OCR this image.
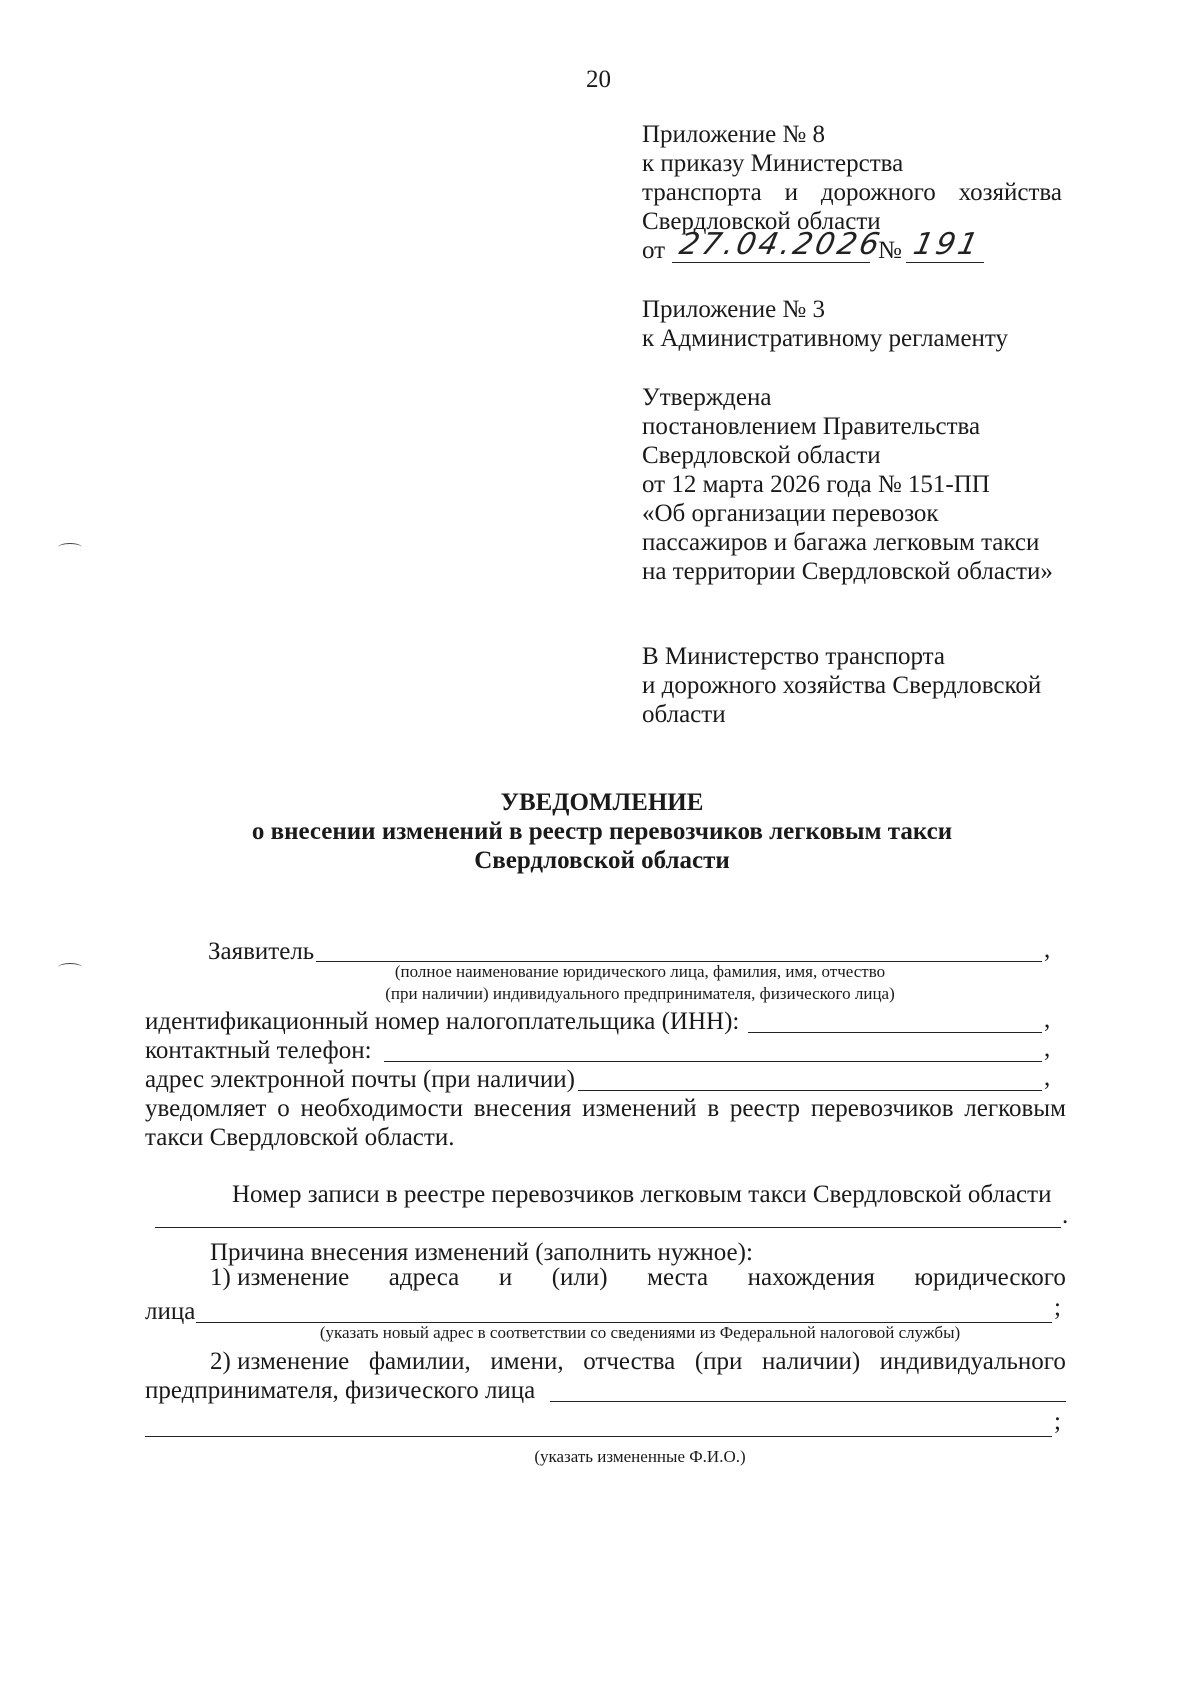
20
Приложение № 8
к приказу Министерства
транспорта и дорожного хозяйства
Свердловской области
от 27.04.2026
№ 191
Приложение № 3
к Административному регламенту
Утверждена
постановлением Правительства
Свердловской области
от 12 марта 2026 года № 151-ПП
«Об организации перевозок
пассажиров и багажа легковым такси
на территории Свердловской области»
В Министерство транспорта
и дорожного хозяйства Свердловской
области
УВЕДОМЛЕНИЕ
о внесении изменений в реестр перевозчиков легковым такси
Свердловской области
Заявитель	,
(полное наименование юридического лица, фамилия, имя, отчество
(при наличии) индивидуального предпринимателя, физического лица)
идентификационный номер налогоплательщика (ИНН):	,
контактный телефон:	,
адрес электронной почты (при наличии)	,
уведомляет о необходимости внесения изменений в реестр перевозчиков легковым
такси Свердловской области.
Номер записи в реестре перевозчиков легковым такси Свердловской области
.
Причина внесения изменений (заполнить нужное):
1) изменение адреса и (или) места нахождения юридического
лица	;
(указать новый адрес в соответствии со сведениями из Федеральной налоговой службы)
2) изменение фамилии, имени, отчества (при наличии) индивидуального
предпринимателя, физического лица
;
(указать измененные Ф.И.О.)
